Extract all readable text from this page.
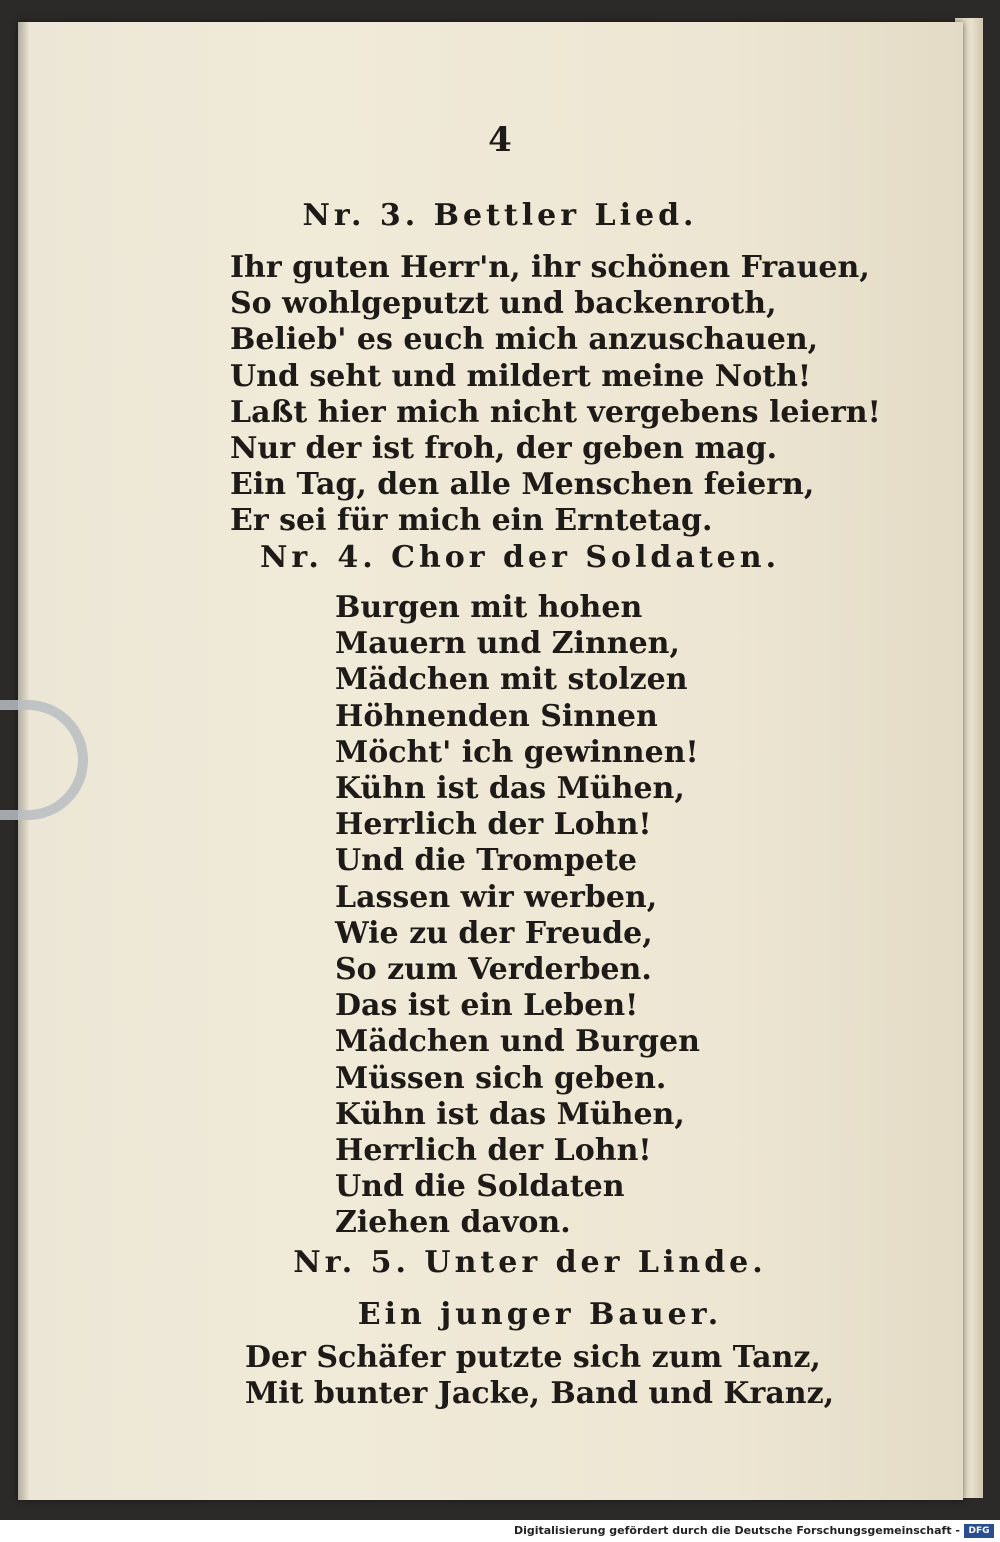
4
Nr. 3. Bettler Lied.
Ihr guten Herr'n, ihr schönen Frauen,
So wohlgeputzt und backenroth,
Belieb' es euch mich anzuschauen,
Und seht und mildert meine Noth!
Laßt hier mich nicht vergebens leiern!
Nur der ist froh, der geben mag.
Ein Tag, den alle Menschen feiern,
Er sei für mich ein Erntetag.
Nr. 4. Chor der Soldaten.
Burgen mit hohen
Mauern und Zinnen,
Mädchen mit stolzen
Höhnenden Sinnen
Möcht' ich gewinnen!
Kühn ist das Mühen,
Herrlich der Lohn!
Und die Trompete
Lassen wir werben,
Wie zu der Freude,
So zum Verderben.
Das ist ein Leben!
Mädchen und Burgen
Müssen sich geben.
Kühn ist das Mühen,
Herrlich der Lohn!
Und die Soldaten
Ziehen davon.
Nr. 5. Unter der Linde.
Ein junger Bauer.
Der Schäfer putzte sich zum Tanz,
Mit bunter Jacke, Band und Kranz,
Digitalisierung gefördert durch die Deutsche Forschungsgemeinschaft - DFG
